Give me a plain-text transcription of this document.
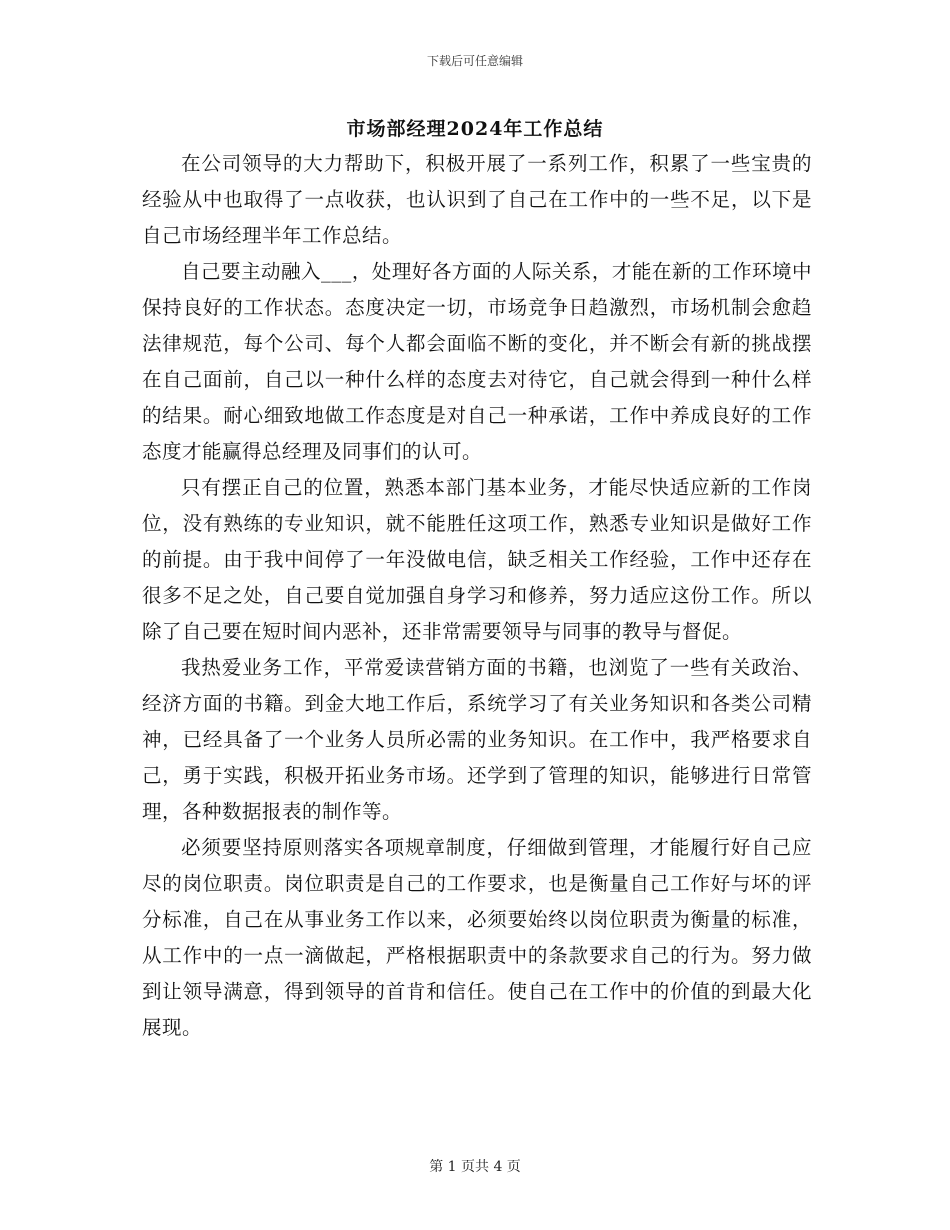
下载后可任意编辑
市场部经理2024年工作总结

在公司领导的大力帮助下，积极开展了一系列工作，积累了一些宝贵的经验从中也取得了一点收获，也认识到了自己在工作中的一些不足，以下是自己市场经理半年工作总结。

自己要主动融入___，处理好各方面的人际关系，才能在新的工作环境中保持良好的工作状态。态度决定一切，市场竞争日趋激烈，市场机制会愈趋法律规范，每个公司、每个人都会面临不断的变化，并不断会有新的挑战摆在自己面前，自己以一种什么样的态度去对待它，自己就会得到一种什么样的结果。耐心细致地做工作态度是对自己一种承诺，工作中养成良好的工作态度才能赢得总经理及同事们的认可。

只有摆正自己的位置，熟悉本部门基本业务，才能尽快适应新的工作岗位，没有熟练的专业知识，就不能胜任这项工作，熟悉专业知识是做好工作的前提。由于我中间停了一年没做电信，缺乏相关工作经验，工作中还存在很多不足之处，自己要自觉加强自身学习和修养，努力适应这份工作。所以除了自己要在短时间内恶补，还非常需要领导与同事的教导与督促。

我热爱业务工作，平常爱读营销方面的书籍，也浏览了一些有关政治、经济方面的书籍。到金大地工作后，系统学习了有关业务知识和各类公司精神，已经具备了一个业务人员所必需的业务知识。在工作中，我严格要求自己，勇于实践，积极开拓业务市场。还学到了管理的知识，能够进行日常管理，各种数据报表的制作等。

必须要坚持原则落实各项规章制度，仔细做到管理，才能履行好自己应尽的岗位职责。岗位职责是自己的工作要求，也是衡量自己工作好与坏的评分标准，自己在从事业务工作以来，必须要始终以岗位职责为衡量的标准，从工作中的一点一滴做起，严格根据职责中的条款要求自己的行为。努力做到让领导满意，得到领导的首肯和信任。使自己在工作中的价值的到最大化展现。

第 1 页共 4 页
